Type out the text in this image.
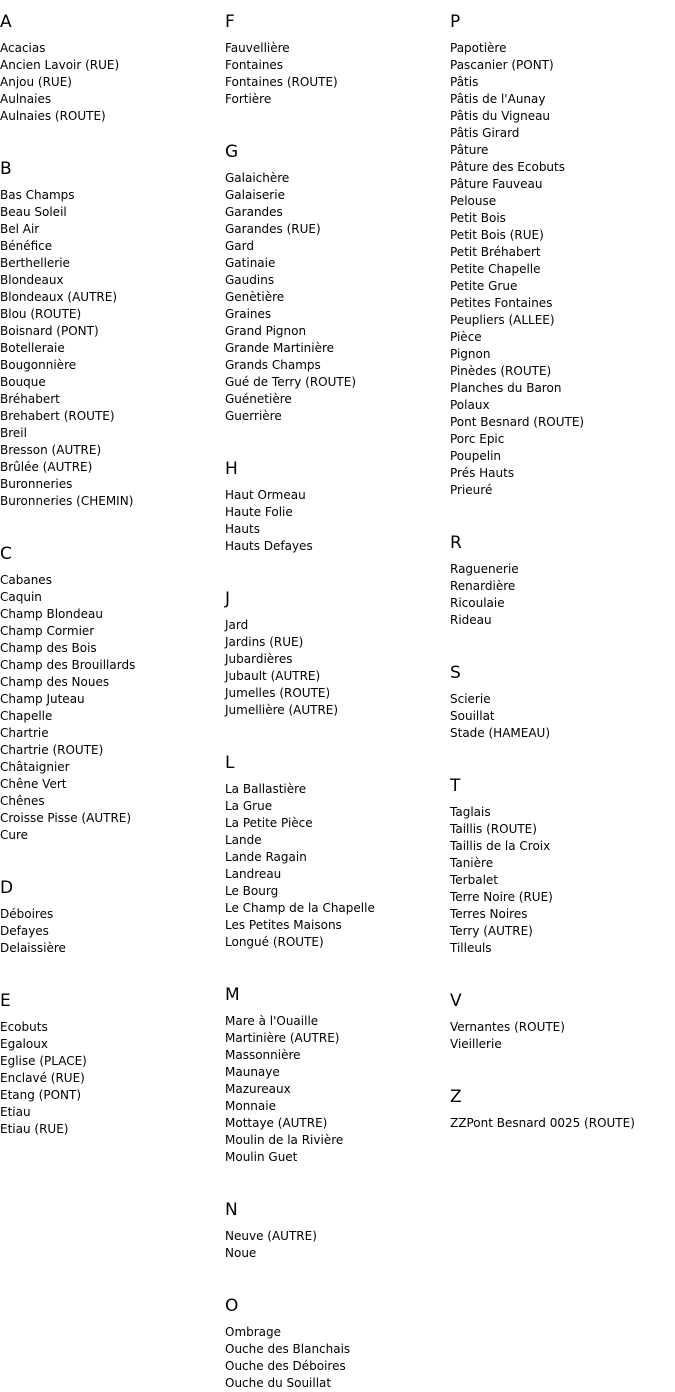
A
Acacias
Ancien Lavoir (RUE)
Anjou (RUE)
Aulnaies
Aulnaies (ROUTE)
B
Bas Champs
Beau Soleil
Bel Air
Bénéfice
Berthellerie
Blondeaux
Blondeaux (AUTRE)
Blou (ROUTE)
Boisnard (PONT)
Botelleraie
Bougonnière
Bouque
Bréhabert
Brehabert (ROUTE)
Breil
Bresson (AUTRE)
Brûlée (AUTRE)
Buronneries
Buronneries (CHEMIN)
C
Cabanes
Caquin
Champ Blondeau
Champ Cormier
Champ des Bois
Champ des Brouillards
Champ des Noues
Champ Juteau
Chapelle
Chartrie
Chartrie (ROUTE)
Châtaignier
Chêne Vert
Chênes
Croisse Pisse (AUTRE)
Cure
D
Déboires
Defayes
Delaissière
E
Ecobuts
Egaloux
Eglise (PLACE)
Enclavé (RUE)
Etang (PONT)
Etiau
Etiau (RUE)
F
Fauvellière
Fontaines
Fontaines (ROUTE)
Fortière
G
Galaichère
Galaiserie
Garandes
Garandes (RUE)
Gard
Gatinaie
Gaudins
Genètière
Graines
Grand Pignon
Grande Martinière
Grands Champs
Gué de Terry (ROUTE)
Guénetière
Guerrière
H
Haut Ormeau
Haute Folie
Hauts
Hauts Defayes
J
Jard
Jardins (RUE)
Jubardières
Jubault (AUTRE)
Jumelles (ROUTE)
Jumellière (AUTRE)
L
La Ballastière
La Grue
La Petite Pièce
Lande
Lande Ragain
Landreau
Le Bourg
Le Champ de la Chapelle
Les Petites Maisons
Longué (ROUTE)
M
Mare à l'Ouaille
Martinière (AUTRE)
Massonnière
Maunaye
Mazureaux
Monnaie
Mottaye (AUTRE)
Moulin de la Rivière
Moulin Guet
N
Neuve (AUTRE)
Noue
O
Ombrage
Ouche des Blanchais
Ouche des Déboires
Ouche du Souillat
P
Papotière
Pascanier (PONT)
Pâtis
Pâtis de l'Aunay
Pâtis du Vigneau
Pâtis Girard
Pâture
Pâture des Ecobuts
Pâture Fauveau
Pelouse
Petit Bois
Petit Bois (RUE)
Petit Bréhabert
Petite Chapelle
Petite Grue
Petites Fontaines
Peupliers (ALLEE)
Pièce
Pignon
Pinèdes (ROUTE)
Planches du Baron
Polaux
Pont Besnard (ROUTE)
Porc Epic
Poupelin
Prés Hauts
Prieuré
R
Raguenerie
Renardière
Ricoulaie
Rideau
S
Scierie
Souillat
Stade (HAMEAU)
T
Taglais
Taillis (ROUTE)
Taillis de la Croix
Tanière
Terbalet
Terre Noire (RUE)
Terres Noires
Terry (AUTRE)
Tilleuls
V
Vernantes (ROUTE)
Vieillerie
Z
ZZPont Besnard 0025 (ROUTE)
